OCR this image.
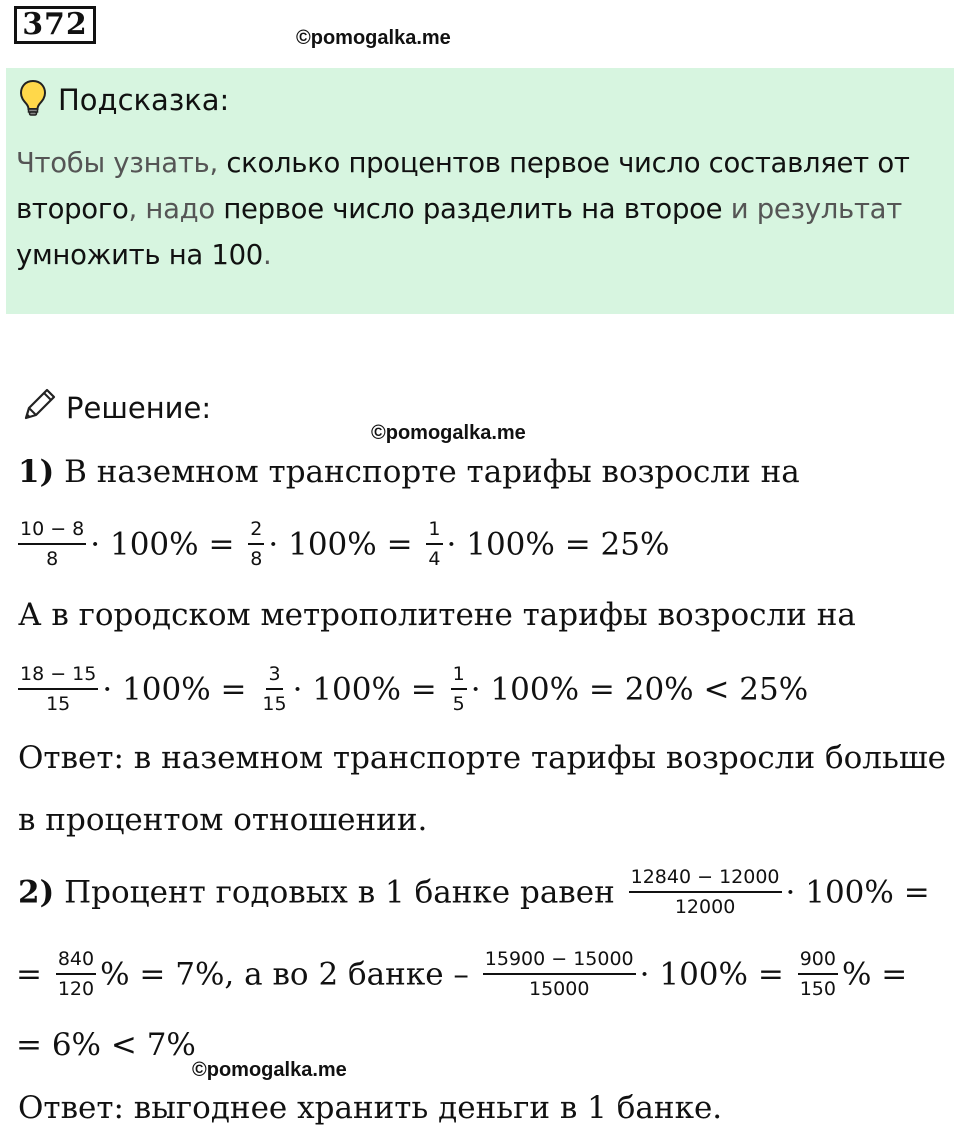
372	©pomogalka.me
Подсказка:
Чтобы узнать, сколько процентов первое число составляет от второго, надо первое число разделить на второе и результат умножить на 100.
Решение:
©pomogalka.me
1) В наземном транспорте тарифы возросли на
$\frac{10 - 8}{8} \cdot 100\% = \frac{2}{8} \cdot 100\% = \frac{1}{4} \cdot 100\% = 25\%$
А в городском метрополитене тарифы возросли на
$\frac{18 - 15}{15} \cdot 100\% = \frac{3}{15} \cdot 100\% = \frac{1}{5} \cdot 100\% = 20\% < 25\%$
Ответ: в наземном транспорте тарифы возросли больше
в процентом отношении.
2) Процент годовых в 1 банке равен $\frac{12840 - 12000}{12000} \cdot 100\%$ =
= $\frac{840}{120}$ % = 7%, а во 2 банке – $\frac{15900 - 15000}{15000} \cdot 100\% = \frac{900}{150}$ % =
= 6% < 7%
©pomogalka.me
Ответ: выгоднее хранить деньги в 1 банке.
